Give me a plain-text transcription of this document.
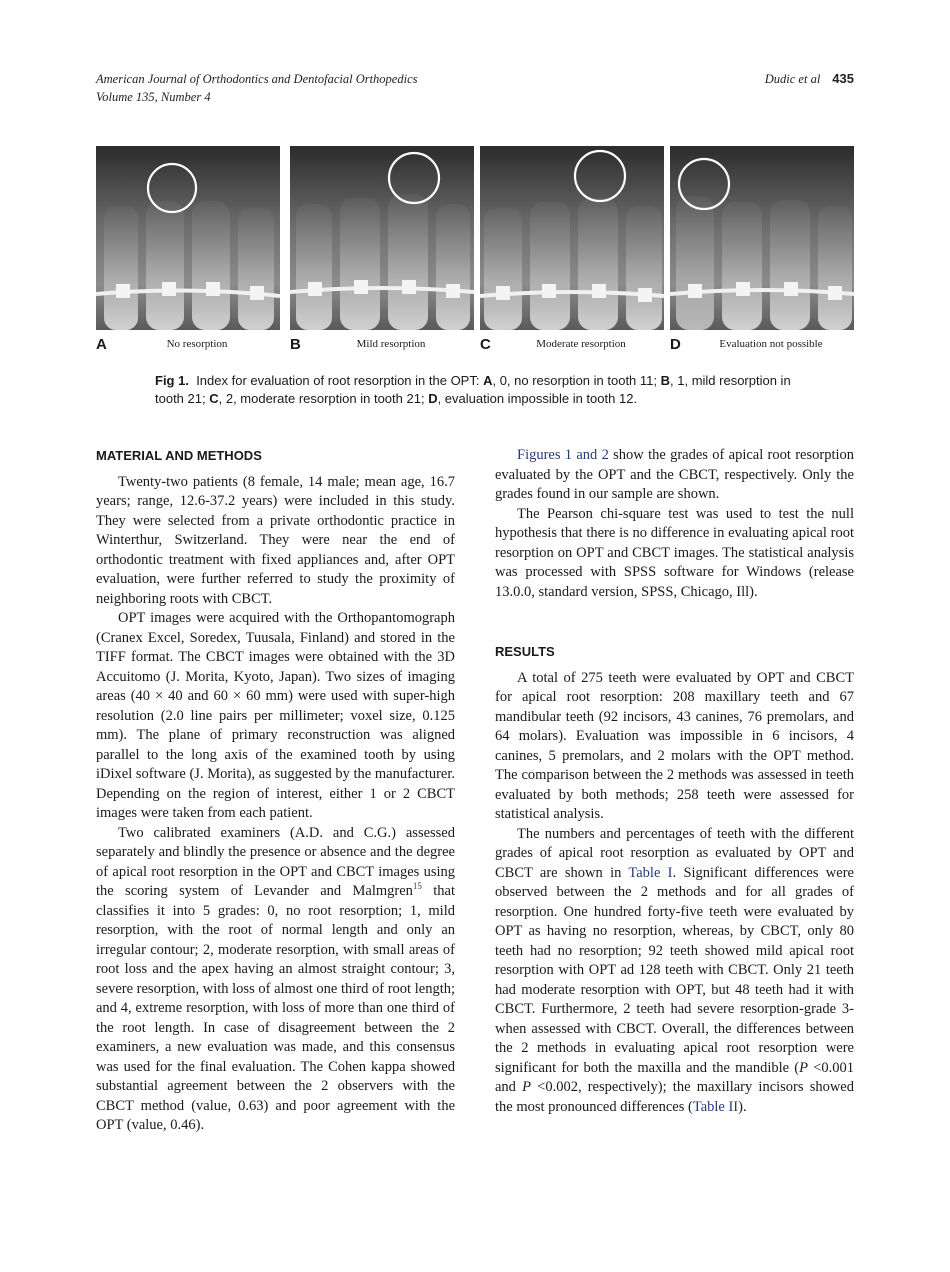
American Journal of Orthodontics and Dentofacial Orthopedics
Volume 135, Number 4
Dudic et al 435
A	No resorption	B	Mild resorption	C	Moderate resorption	D	Evaluation not possible
Fig 1. Index for evaluation of root resorption in the OPT: A, 0, no resorption in tooth 11; B, 1, mild resorption in tooth 21; C, 2, moderate resorption in tooth 21; D, evaluation impossible in tooth 12.
MATERIAL AND METHODS

Twenty-two patients (8 female, 14 male; mean age, 16.7 years; range, 12.6-37.2 years) were included in this study. They were selected from a private orthodontic practice in Winterthur, Switzerland. They were near the end of orthodontic treatment with fixed appliances and, after OPT evaluation, were further referred to study the proximity of neighboring roots with CBCT.

OPT images were acquired with the Orthopantomograph (Cranex Excel, Soredex, Tuusala, Finland) and stored in the TIFF format. The CBCT images were obtained with the 3D Accuitomo (J. Morita, Kyoto, Japan). Two sizes of imaging areas (40 × 40 and 60 × 60 mm) were used with super-high resolution (2.0 line pairs per millimeter; voxel size, 0.125 mm). The plane of primary reconstruction was aligned parallel to the long axis of the examined tooth by using iDixel software (J. Morita), as suggested by the manufacturer. Depending on the region of interest, either 1 or 2 CBCT images were taken from each patient.

Two calibrated examiners (A.D. and C.G.) assessed separately and blindly the presence or absence and the degree of apical root resorption in the OPT and CBCT images using the scoring system of Levander and Malmgren$^{15}$ that classifies it into 5 grades: 0, no root resorption; 1, mild resorption, with the root of normal length and only an irregular contour; 2, moderate resorption, with small areas of root loss and the apex having an almost straight contour; 3, severe resorption, with loss of almost one third of root length; and 4, extreme resorption, with loss of more than one third of the root length. In case of disagreement between the 2 examiners, a new evaluation was made, and this consensus was used for the final evaluation. The Cohen kappa showed substantial agreement between the 2 observers with the CBCT method (value, 0.63) and poor agreement with the OPT (value, 0.46).

Figures 1 and 2 show the grades of apical root resorption evaluated by the OPT and the CBCT, respectively. Only the grades found in our sample are shown.

The Pearson chi-square test was used to test the null hypothesis that there is no difference in evaluating apical root resorption on OPT and CBCT images. The statistical analysis was processed with SPSS software for Windows (release 13.0.0, standard version, SPSS, Chicago, Ill).

RESULTS

A total of 275 teeth were evaluated by OPT and CBCT for apical root resorption: 208 maxillary teeth and 67 mandibular teeth (92 incisors, 43 canines, 76 premolars, and 64 molars). Evaluation was impossible in 6 incisors, 4 canines, 5 premolars, and 2 molars with the OPT method. The comparison between the 2 methods was assessed in teeth evaluated by both methods; 258 teeth were assessed for statistical analysis.

The numbers and percentages of teeth with the different grades of apical root resorption as evaluated by OPT and CBCT are shown in Table I. Significant differences were observed between the 2 methods and for all grades of resorption. One hundred forty-five teeth were evaluated by OPT as having no resorption, whereas, by CBCT, only 80 teeth had no resorption; 92 teeth showed mild apical root resorption with OPT ad 128 teeth with CBCT. Only 21 teeth had moderate resorption with OPT, but 48 teeth had it with CBCT. Furthermore, 2 teeth had severe resorption-grade 3-when assessed with CBCT. Overall, the differences between the 2 methods in evaluating apical root resorption were significant for both the maxilla and the mandible (P <0.001 and P <0.002, respectively); the maxillary incisors showed the most pronounced differences (Table II).
